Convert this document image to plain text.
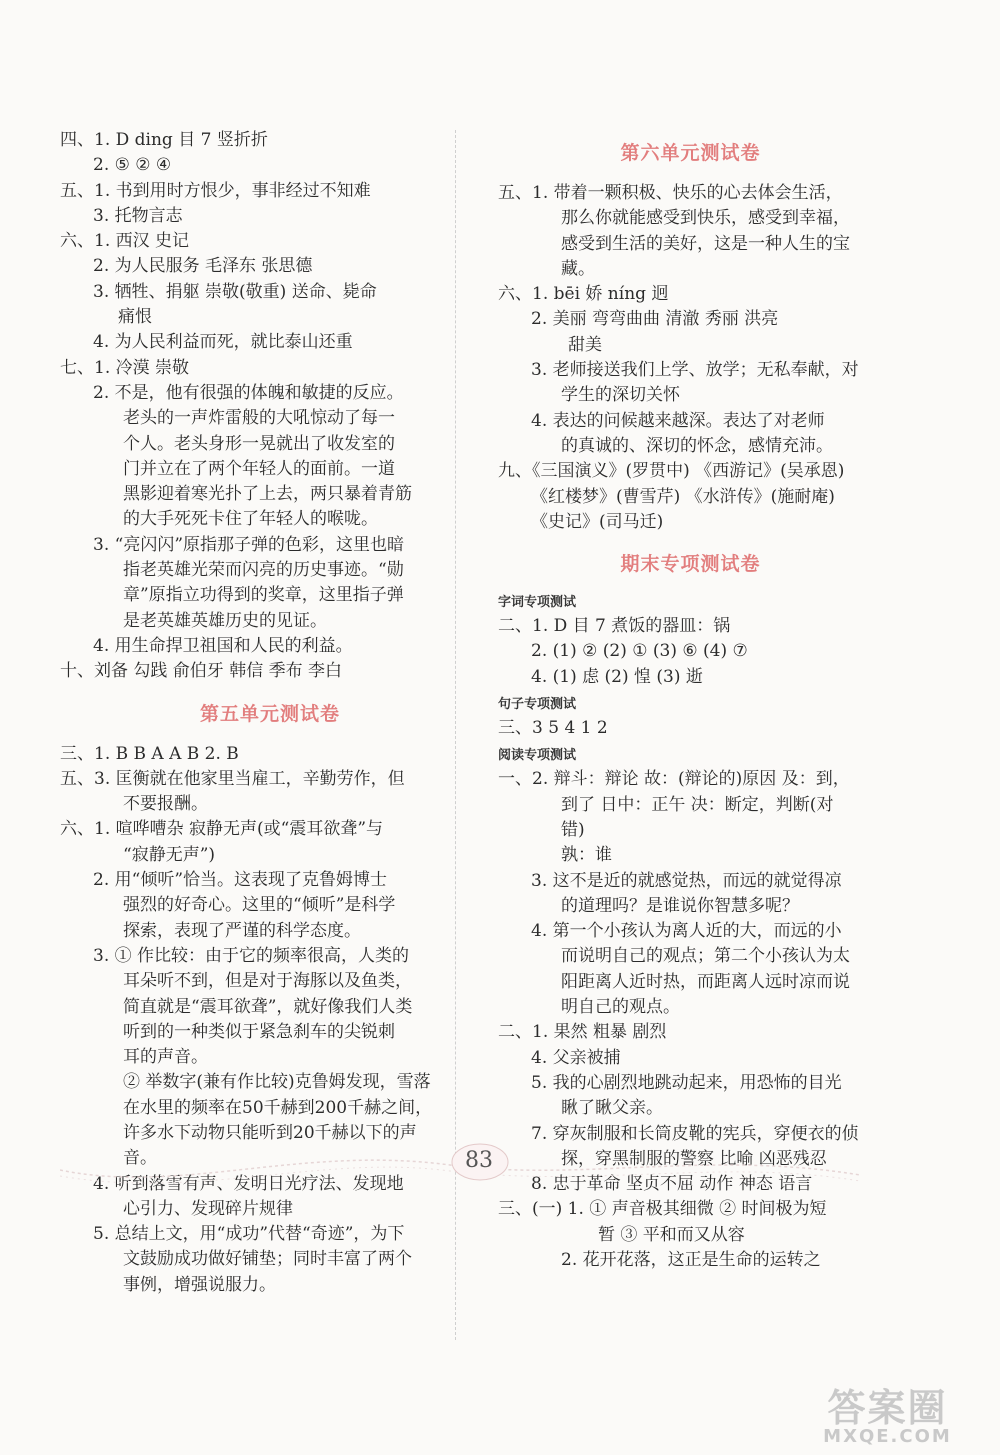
四、1. D ding 目 7 竖折折
2. ⑤ ② ④
五、1. 书到用时方恨少，事非经过不知难
3. 托物言志
六、1. 西汉 史记
2. 为人民服务 毛泽东 张思德
3. 牺牲、捐躯 崇敬(敬重) 送命、毙命
痛恨
4. 为人民利益而死，就比泰山还重
七、1. 冷漠 崇敬
2. 不是，他有很强的体魄和敏捷的反应。
老头的一声炸雷般的大吼惊动了每一
个人。老头身形一晃就出了收发室的
门并立在了两个年轻人的面前。一道
黑影迎着寒光扑了上去，两只暴着青筋
的大手死死卡住了年轻人的喉咙。
3. “亮闪闪”原指那子弹的色彩，这里也暗
指老英雄光荣而闪亮的历史事迹。“勋
章”原指立功得到的奖章，这里指子弹
是老英雄英雄历史的见证。
4. 用生命捍卫祖国和人民的利益。
十、刘备 勾践 俞伯牙 韩信 季布 李白
第五单元测试卷
三、1. B B A A B 2. B
五、3. 匡衡就在他家里当雇工，辛勤劳作，但
不要报酬。
六、1. 喧哗嘈杂 寂静无声(或“震耳欲聋”与
“寂静无声”)
2. 用“倾听”恰当。这表现了克鲁姆博士
强烈的好奇心。这里的“倾听”是科学
探索，表现了严谨的科学态度。
3. ① 作比较：由于它的频率很高，人类的
耳朵听不到，但是对于海豚以及鱼类，
简直就是“震耳欲聋”，就好像我们人类
听到的一种类似于紧急刹车的尖锐刺
耳的声音。
② 举数字(兼有作比较)克鲁姆发现，雪落
在水里的频率在50千赫到200千赫之间，
许多水下动物只能听到20千赫以下的声
音。
4. 听到落雪有声、发明日光疗法、发现地
心引力、发现碎片规律
5. 总结上文，用“成功”代替“奇迹”，为下
文鼓励成功做好铺垫；同时丰富了两个
事例，增强说服力。
第六单元测试卷
五、1. 带着一颗积极、快乐的心去体会生活，
那么你就能感受到快乐，感受到幸福，
感受到生活的美好，这是一种人生的宝
藏。
六、1. bēi 娇 níng 迥
2. 美丽 弯弯曲曲 清澈 秀丽 洪亮
甜美
3. 老师接送我们上学、放学；无私奉献，对
学生的深切关怀
4. 表达的问候越来越深。表达了对老师
的真诚的、深切的怀念，感情充沛。
九、《三国演义》(罗贯中) 《西游记》(吴承恩)
《红楼梦》(曹雪芹) 《水浒传》(施耐庵)
《史记》(司马迁)
期末专项测试卷
字词专项测试
二、1. D 目 7 煮饭的器皿：锅
2. (1) ② (2) ① (3) ⑥ (4) ⑦
4. (1) 虑 (2) 惶 (3) 逝
句子专项测试
三、3 5 4 1 2
阅读专项测试
一、2. 辩斗：辩论 故：(辩论的)原因 及：到，
到了 日中：正午 决：断定，判断(对
错)
孰：谁
3. 这不是近的就感觉热，而远的就觉得凉
的道理吗？是谁说你智慧多呢？
4. 第一个小孩认为离人近的大，而远的小
而说明自己的观点；第二个小孩认为太
阳距离人近时热，而距离人远时凉而说
明自己的观点。
二、1. 果然 粗暴 剧烈
4. 父亲被捕
5. 我的心剧烈地跳动起来，用恐怖的目光
瞅了瞅父亲。
7. 穿灰制服和长筒皮靴的宪兵，穿便衣的侦
探，穿黑制服的警察 比喻 凶恶残忍
8. 忠于革命 坚贞不屈 动作 神态 语言
三、(一) 1. ① 声音极其细微 ② 时间极为短
暂 ③ 平和而又从容
2. 花开花落，这正是生命的运转之
83
答案圈
MXQE.COM
